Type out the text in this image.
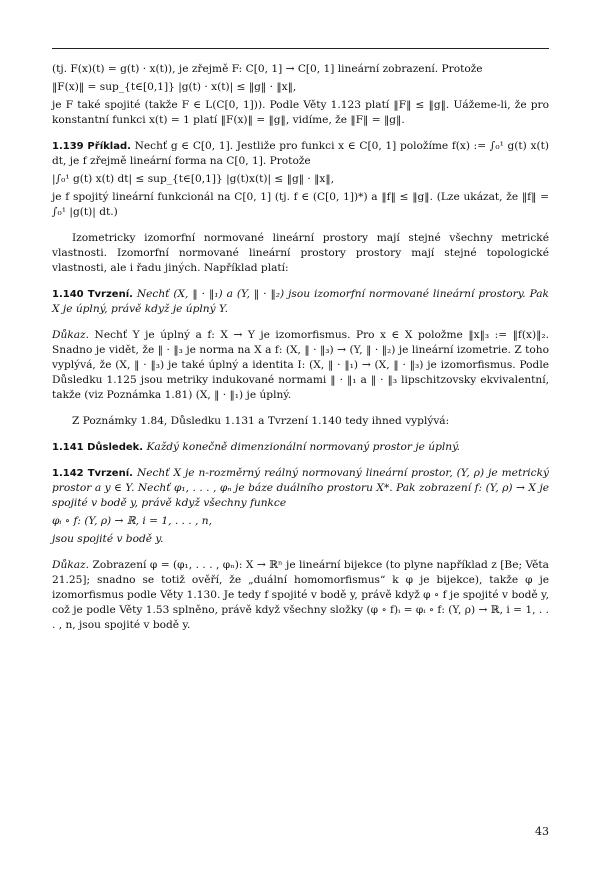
(tj. F(x)(t) = g(t) · x(t)), je zřejmě F: C[0, 1] → C[0, 1] lineární zobrazení. Protože

‖F(x)‖ = sup_{t∈[0,1]} |g(t) · x(t)| ≤ ‖g‖ · ‖x‖,

je F také spojité (takže F ∈ L(C[0, 1])). Podle Věty 1.123 platí ‖F‖ ≤ ‖g‖. Uážeme-li, že pro konstantní funkci x(t) = 1 platí ‖F(x)‖ = ‖g‖, vidíme, že ‖F‖ = ‖g‖.

1.139 Příklad. Nechť g ∈ C[0, 1]. Jestliže pro funkci x ∈ C[0, 1] položíme f(x) := ∫₀¹ g(t) x(t) dt, je f zřejmě lineární forma na C[0, 1]. Protože

|∫₀¹ g(t) x(t) dt| ≤ sup_{t∈[0,1]} |g(t)x(t)| ≤ ‖g‖ · ‖x‖,

je f spojitý lineární funkcionál na C[0, 1] (tj. f ∈ (C[0, 1])*) a ‖f‖ ≤ ‖g‖. (Lze ukázat, že ‖f‖ = ∫₀¹ |g(t)| dt.)

Izometricky izomorfní normované lineární prostory mají stejné všechny metrické vlastnosti. Izomorfní normované lineární prostory prostory mají stejné topologické vlastnosti, ale i řadu jiných. Například platí:

1.140 Tvrzení. Nechť (X, ‖ · ‖₁) a (Y, ‖ · ‖₂) jsou izomorfní normované lineární prostory. Pak X je úplný, právě když je úplný Y.

Důkaz. Nechť Y je úplný a f: X → Y je izomorfismus. Pro x ∈ X položme ‖x‖₃ := ‖f(x)‖₂. Snadno je vidět, že ‖ · ‖₃ je norma na X a f: (X, ‖ · ‖₃) → (Y, ‖ · ‖₂) je lineární izometrie. Z toho vyplývá, že (X, ‖ · ‖₃) je také úplný a identita I: (X, ‖ · ‖₁) → (X, ‖ · ‖₃) je izomorfismus. Podle Důsledku 1.125 jsou metriky indukované normami ‖ · ‖₁ a ‖ · ‖₃ lipschitzovsky ekvivalentní, takže (viz Poznámka 1.81) (X, ‖ · ‖₁) je úplný.

Z Poznámky 1.84, Důsledku 1.131 a Tvrzení 1.140 tedy ihned vyplývá:

1.141 Důsledek. Každý konečně dimenzionální normovaný prostor je úplný.

1.142 Tvrzení. Nechť X je n-rozměrný reálný normovaný lineární prostor, (Y, ρ) je metrický prostor a y ∈ Y. Nechť φ₁, . . . , φₙ je báze duálního prostoru X*. Pak zobrazení f: (Y, ρ) → X je spojité v bodě y, právě když všechny funkce

φᵢ ∘ f: (Y, ρ) → ℝ, i = 1, . . . , n,

jsou spojité v bodě y.

Důkaz. Zobrazení φ = (φ₁, . . . , φₙ): X → ℝⁿ je lineární bijekce (to plyne například z [Be; Věta 21.25]; snadno se totiž ověří, že „duální homomorfismus“ k φ je bijekce), takže φ je izomorfismus podle Věty 1.130. Je tedy f spojité v bodě y, právě když φ ∘ f je spojité v bodě y, což je podle Věty 1.53 splněno, právě když všechny složky (φ ∘ f)ᵢ = φᵢ ∘ f: (Y, ρ) → ℝ, i = 1, . . . , n, jsou spojité v bodě y.

43
